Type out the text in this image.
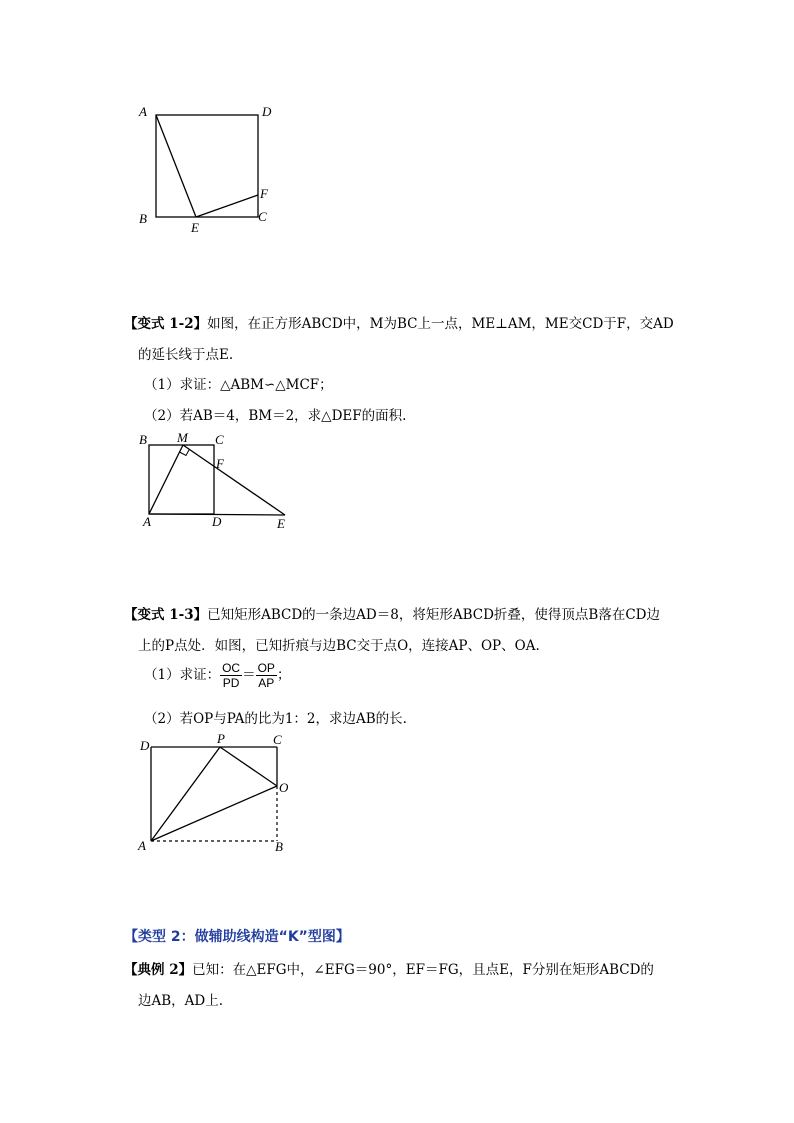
A	D
B
E
C
F
【变式 1-2】如图，在正方形ABCD中，M为BC上一点，ME⊥AM，ME交CD于F，交AD
的延长线于点E.
（1）求证：△ABM∽△MCF；
（2）若AB＝4，BM＝2，求△DEF的面积.
B M C
F
A	D	E
【变式 1-3】已知矩形ABCD的一条边AD＝8，将矩形ABCD折叠，使得顶点B落在CD边
上的P点处．如图，已知折痕与边BC交于点O，连接AP、OP、OA.
（1）求证： $\frac{OC}{PD} = \frac{OP}{AP}$ ；
（2）若OP与PA的比为1：2，求边AB的长.
D	P	C
O
A	B
【类型 2：做辅助线构造“K”型图】
【典例 2】已知：在△EFG中，∠EFG＝90°，EF＝FG，且点E，F分别在矩形ABCD的
边AB，AD上.
